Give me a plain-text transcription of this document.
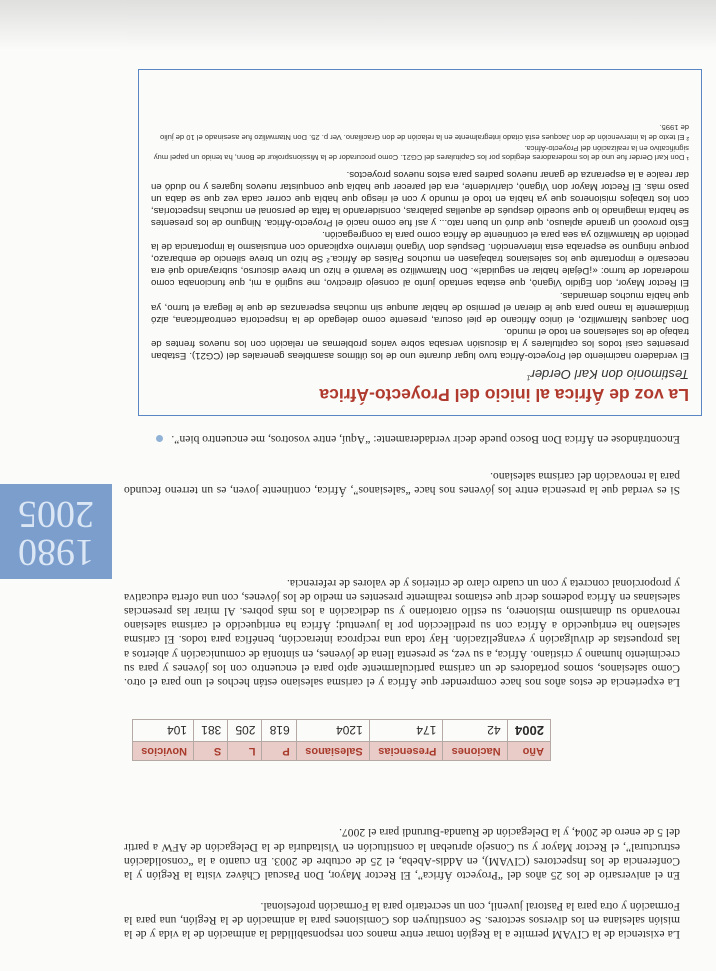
La existencia de la CIVAM permite a la Región tomar entre manos con responsabilidad la animación de la vida y de la misión salesiana en los diversos sectores. Se constituyen dos Comisiones para la animación de la Región, una para la Formación y otra para la Pastoral juvenil, con un secretario para la Formación profesional.

En el aniversario de los 25 años del “Proyecto África”, El Rector Mayor, Don Pascual Chávez visita la Región y la Conferencia de los Inspectores (CIVAM), en Addis-Abeba, el 25 de octubre de 2003. En cuanto a la “consolidación estructural”, el Rector Mayor y su Consejo aprueban la constitución en Visitaduría de la Delegación de AFW a partir del 5 de enero de 2004, y la Delegación de Ruanda-Burundi para el 2007.

Año	Naciones	Presencias	Salesianos	P	L	S	Novicios
2004	42	174	1204	618	205	381	104

La experiencia de estos años nos hace comprender que África y el carisma salesiano están hechos el uno para el otro. Como salesianos, somos portadores de un carisma particularmente apto para el encuentro con los jóvenes y para su crecimiento humano y cristiano. África, a su vez, se presenta llena de jóvenes, en sintonía de comunicación y abiertos a las propuestas de divulgación y evangelización. Hay toda una recíproca interacción, benéfica para todos. El carisma salesiano ha enriquecido a África con su predilección por la juventud; África ha enriquecido el carisma salesiano renovando su dinamismo misionero, su estilo oratoriano y su dedicación a los más pobres. Al mirar las presencias salesianas en África podemos decir que estamos realmente presentes en medio de los jóvenes, con una oferta educativa y proporcional concreta y con un cuadro claro de criterios y de valores de referencia.

Si es verdad que la presencia entre los jóvenes nos hace “salesianos”, África, continente joven, es un terreno fecundo para la renovación del carisma salesiano.

Encontrándose en África Don Bosco puede decir verdaderamente: “Aquí, entre vosotros, me encuentro bien”.

1980
2005
La voz de África al inicio del Proyecto-África
Testimonio don Karl Oerder$^1$

El verdadero nacimiento del Proyecto-África tuvo lugar durante uno de los últimos asambleas generales del (CG21). Estaban presentes casi todos los capitulares y la discusión versaba sobre varios problemas en relación con los nuevos frentes de trabajo de los salesianos en todo el mundo.

Don Jacques Ntamwilizo, el único Africano de piel oscura, presente como delegado de la Inspectoría centroafricana, alzó tímidamente la mano para que le dieran el permiso de hablar aunque sin muchas esperanzas de que le llegara el turno, ya que había muchos demandas.

El Rector Mayor, don Egidio Viganò, que estaba sentado junto al consejo directivo, me sugirió a mi, que funcionaba como moderador de turno: «¡Déjale hablar en seguida!». Don Ntamwilizo se levantó e hizo un breve discurso, subrayando qué era necesario e importante que los salesianos trabajasen en muchos Países de África.² Se hizo un breve silencio de embarazo, porque ninguno se esperaba esta intervención. Después don Viganò intervino explicando con entusiasmo la importancia de la petición de Ntamwilizo ya sea para el continente de África como para la congregación.

Esto provocó un grande aplauso, que duró un buen rato... y así fue como nació el Proyecto-África. Ninguno de los presentes se habría imaginado lo que sucedió después de aquellas palabras, considerando la falta de personal en muchas Inspectorías, con los trabajos misioneros que ya había en todo el mundo y con el riesgo que había que correr cada vez que se daba un paso más. El Rector Mayor don Viganò, clarividente, era del parecer que había que conquistar nuevos lugares y no dudó en dar realce a la esperanza de ganar nuevos padres para estos nuevos proyectos.

¹ Don Karl Oerder fue uno de los moderadores elegidos por los Capitulares del CG21. Como procurador de la Missionsprokur de Bonn, ha tenido un papel muy significativo en la realización del Proyecto-África.

² El texto de la intervención de don Jacques está citado integralmente en la relación de don Graciliano. Ver p. 25. Don Ntamwilizo fue asesinado el 10 de julio de 1995.
